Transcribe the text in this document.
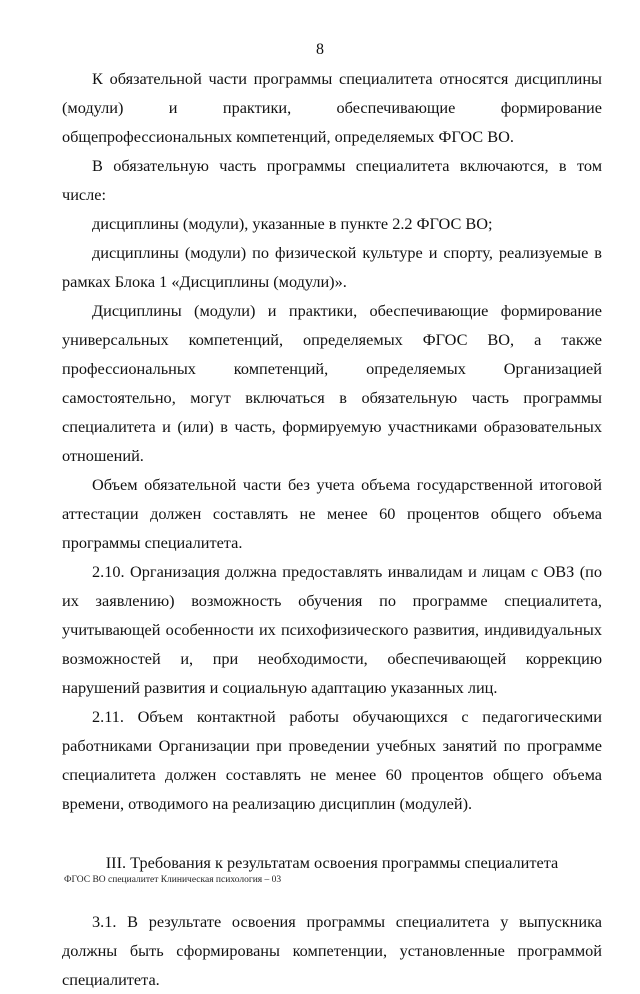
8

К обязательной части программы специалитета относятся дисциплины (модули) и практики, обеспечивающие формирование общепрофессиональных компетенций, определяемых ФГОС ВО.

В обязательную часть программы специалитета включаются, в том числе:

дисциплины (модули), указанные в пункте 2.2 ФГОС ВО;

дисциплины (модули) по физической культуре и спорту, реализуемые в рамках Блока 1 «Дисциплины (модули)».

Дисциплины (модули) и практики, обеспечивающие формирование универсальных компетенций, определяемых ФГОС ВО, а также профессиональных компетенций, определяемых Организацией самостоятельно, могут включаться в обязательную часть программы специалитета и (или) в часть, формируемую участниками образовательных отношений.

Объем обязательной части без учета объема государственной итоговой аттестации должен составлять не менее 60 процентов общего объема программы специалитета.

2.10. Организация должна предоставлять инвалидам и лицам с ОВЗ (по их заявлению) возможность обучения по программе специалитета, учитывающей особенности их психофизического развития, индивидуальных возможностей и, при необходимости, обеспечивающей коррекцию нарушений развития и социальную адаптацию указанных лиц.

2.11. Объем контактной работы обучающихся с педагогическими работниками Организации при проведении учебных занятий по программе специалитета должен составлять не менее 60 процентов общего объема времени, отводимого на реализацию дисциплин (модулей).

III. Требования к результатам освоения программы специалитета

3.1. В результате освоения программы специалитета у выпускника должны быть сформированы компетенции, установленные программой специалитета.

ФГОС ВО специалитет Клиническая психология – 03
